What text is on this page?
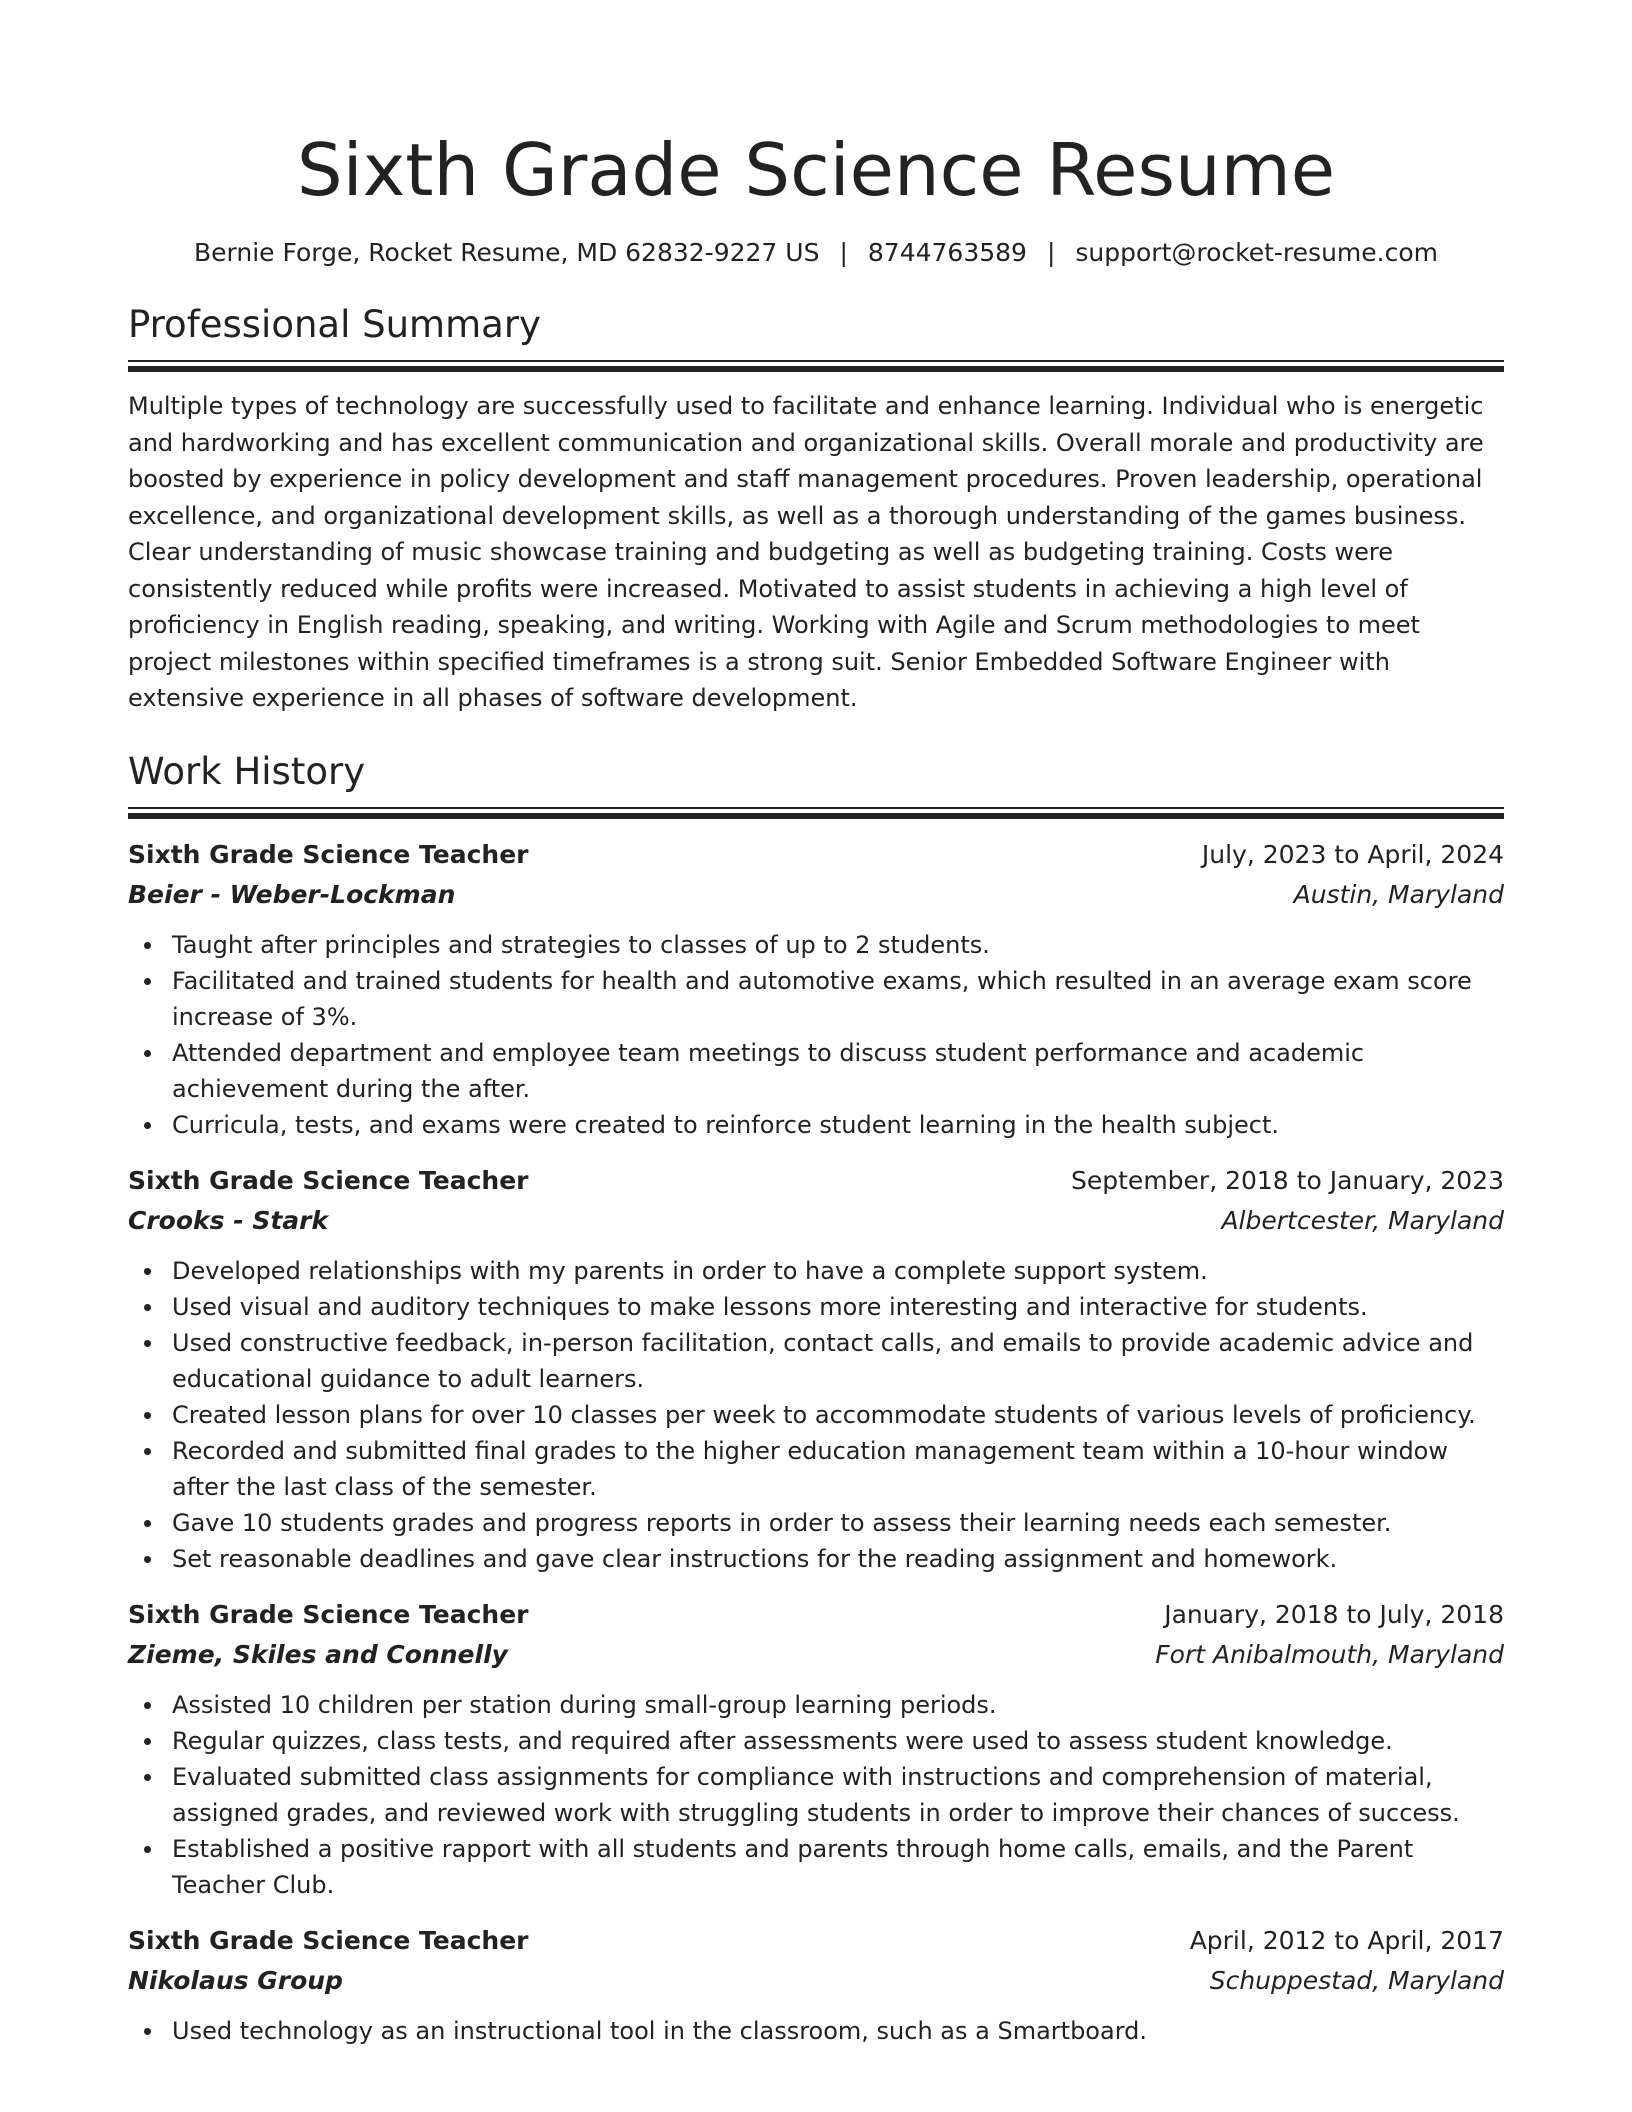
Sixth Grade Science Resume
Bernie Forge, Rocket Resume, MD 62832-9227 US | 8744763589 | support@rocket-resume.com
Professional Summary

Multiple types of technology are successfully used to facilitate and enhance learning. Individual who is energetic and hardworking and has excellent communication and organizational skills. Overall morale and productivity are boosted by experience in policy development and staff management procedures. Proven leadership, operational excellence, and organizational development skills, as well as a thorough understanding of the games business. Clear understanding of music showcase training and budgeting as well as budgeting training. Costs were consistently reduced while profits were increased. Motivated to assist students in achieving a high level of proficiency in English reading, speaking, and writing. Working with Agile and Scrum methodologies to meet project milestones within specified timeframes is a strong suit. Senior Embedded Software Engineer with extensive experience in all phases of software development.

Work History
Sixth Grade Science Teacher	July, 2023 to April, 2024
Beier - Weber-Lockman	Austin, Maryland
Taught after principles and strategies to classes of up to 2 students.
Facilitated and trained students for health and automotive exams, which resulted in an average exam score increase of 3%.
Attended department and employee team meetings to discuss student performance and academic achievement during the after.
Curricula, tests, and exams were created to reinforce student learning in the health subject.
Sixth Grade Science Teacher	September, 2018 to January, 2023
Crooks - Stark	Albertcester, Maryland
Developed relationships with my parents in order to have a complete support system.
Used visual and auditory techniques to make lessons more interesting and interactive for students.
Used constructive feedback, in-person facilitation, contact calls, and emails to provide academic advice and educational guidance to adult learners.
Created lesson plans for over 10 classes per week to accommodate students of various levels of proficiency.
Recorded and submitted final grades to the higher education management team within a 10-hour window after the last class of the semester.
Gave 10 students grades and progress reports in order to assess their learning needs each semester.
Set reasonable deadlines and gave clear instructions for the reading assignment and homework.
Sixth Grade Science Teacher	January, 2018 to July, 2018
Zieme, Skiles and Connelly	Fort Anibalmouth, Maryland
Assisted 10 children per station during small-group learning periods.
Regular quizzes, class tests, and required after assessments were used to assess student knowledge.
Evaluated submitted class assignments for compliance with instructions and comprehension of material, assigned grades, and reviewed work with struggling students in order to improve their chances of success.
Established a positive rapport with all students and parents through home calls, emails, and the Parent Teacher Club.
Sixth Grade Science Teacher	April, 2012 to April, 2017
Nikolaus Group	Schuppestad, Maryland
Used technology as an instructional tool in the classroom, such as a Smartboard.
